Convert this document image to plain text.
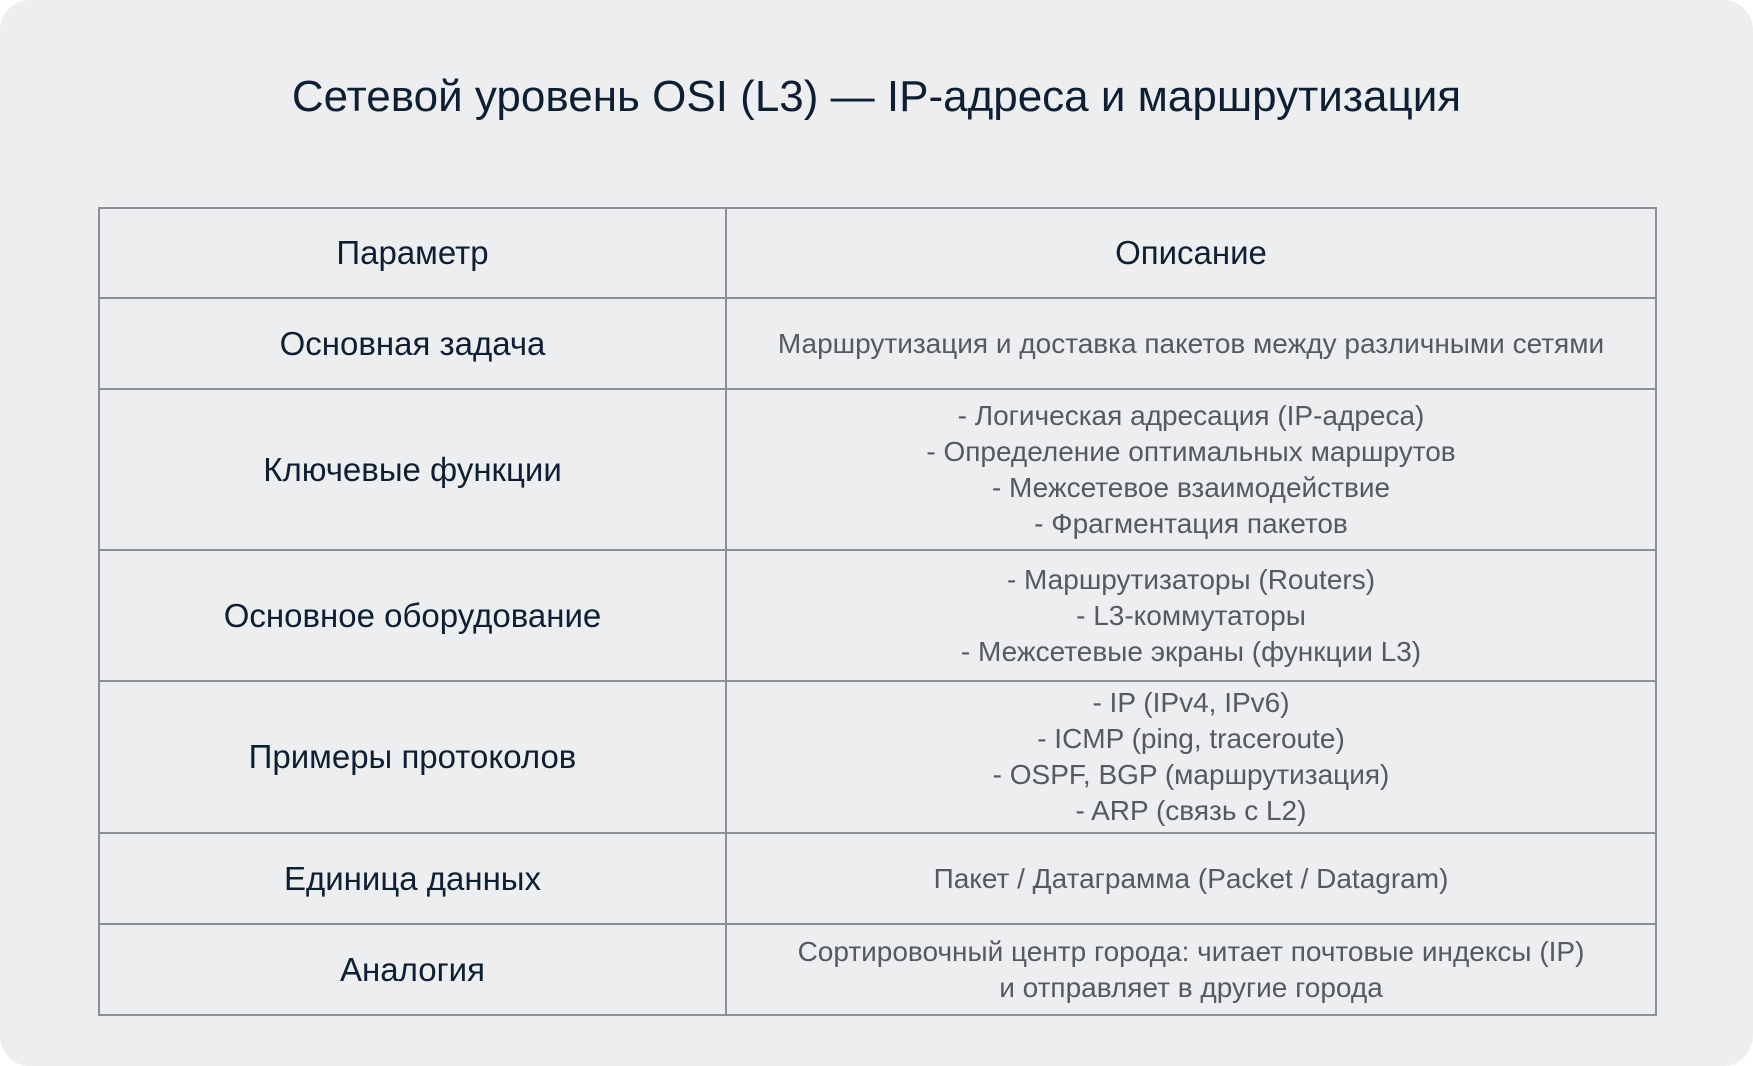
Сетевой уровень OSI (L3) — IP-адреса и маршрутизация
Параметр	Описание
Основная задача	Маршрутизация и доставка пакетов между различными сетями

Ключевые функции	- Логическая адресация (IP-адреса)
- Определение оптимальных маршрутов
- Межсетевое взаимодействие
- Фрагментация пакетов

Основное оборудование	- Маршрутизаторы (Routers)
- L3-коммутаторы
- Межсетевые экраны (функции L3)

Примеры протоколов	- IP (IPv4, IPv6)
- ICMP (ping, traceroute)
- OSPF, BGP (маршрутизация)
- ARP (связь с L2)

Единица данных	Пакет / Датаграмма (Packet / Datagram)

Аналогия	Сортировочный центр города: читает почтовые индексы (IP)
и отправляет в другие города
